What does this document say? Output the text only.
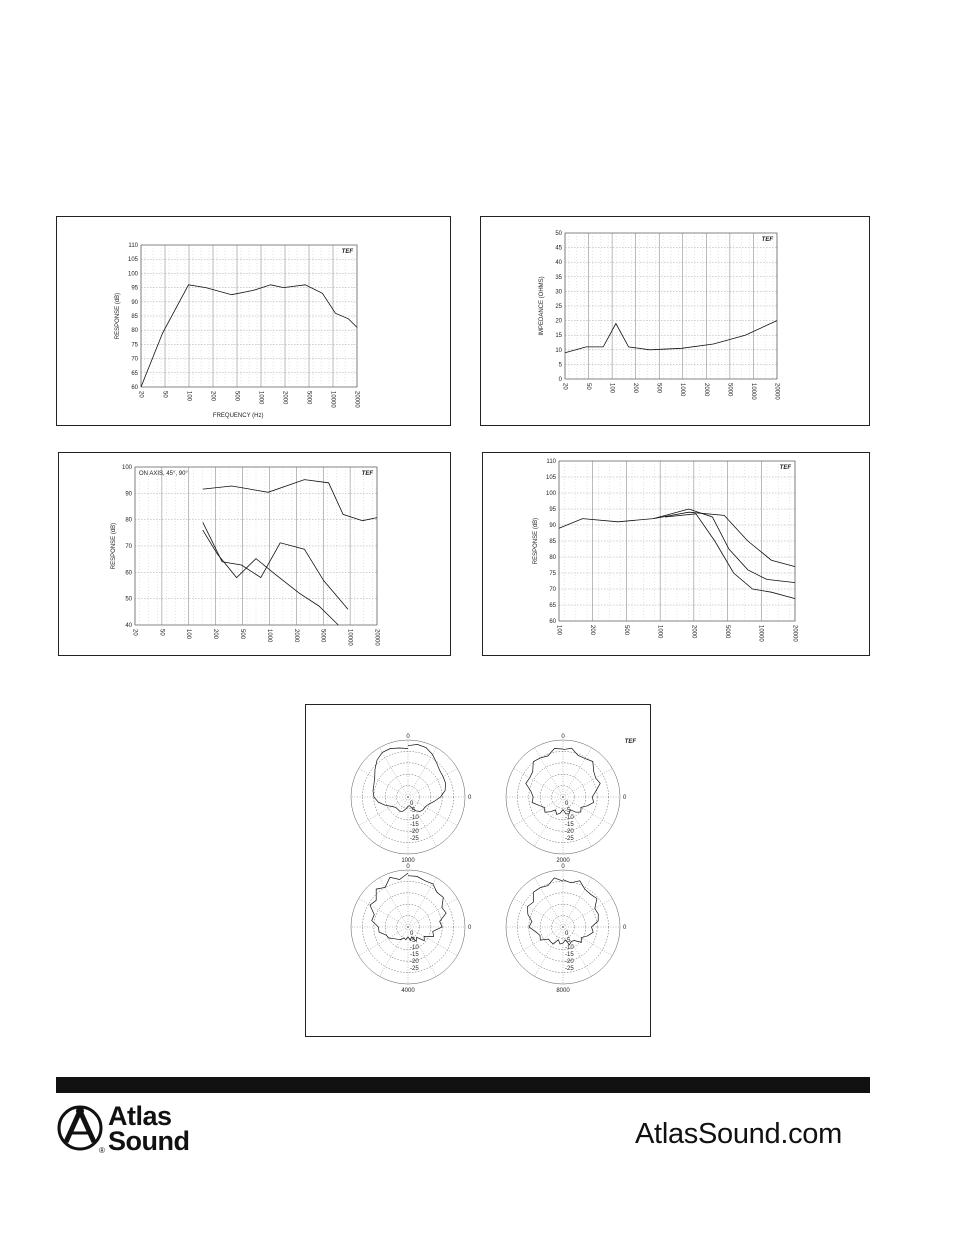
110
105
100
95
90
85
80
75
70
65
60
20	50	100	200	500	1000	2000	5000	10000	20000
RESPONSE (dB)
FREQUENCY (Hz)
TEF
50
45
40
35
30
25
20
15
10
5
0
20	50	100	200	500	1000	2000	5000	10000	20000
IMPEDANCE (OHMS)
TEF
100
90
80
70
60
50
40
20	50	100	200	500	1000	2000	5000	10000	20000
RESPONSE (dB)
ON AXIS, 45°, 90°	TEF
110
105
100
95
90
85
80
75
70
65
60
100	200	500	1000	2000	5000	10000	20000
RESPONSE (dB)
TEF
0
0
1000
0
-5
-10
-15
-20
-25
0
0
2000
0
-5
-10
-15
-20
-25
0
0
4000
0
-5
-10
-15
-20
-25
0
0
8000
0
-5
-10
-15
-20
-25
TEF
Atlas
Sound
®
AtlasSound.com
